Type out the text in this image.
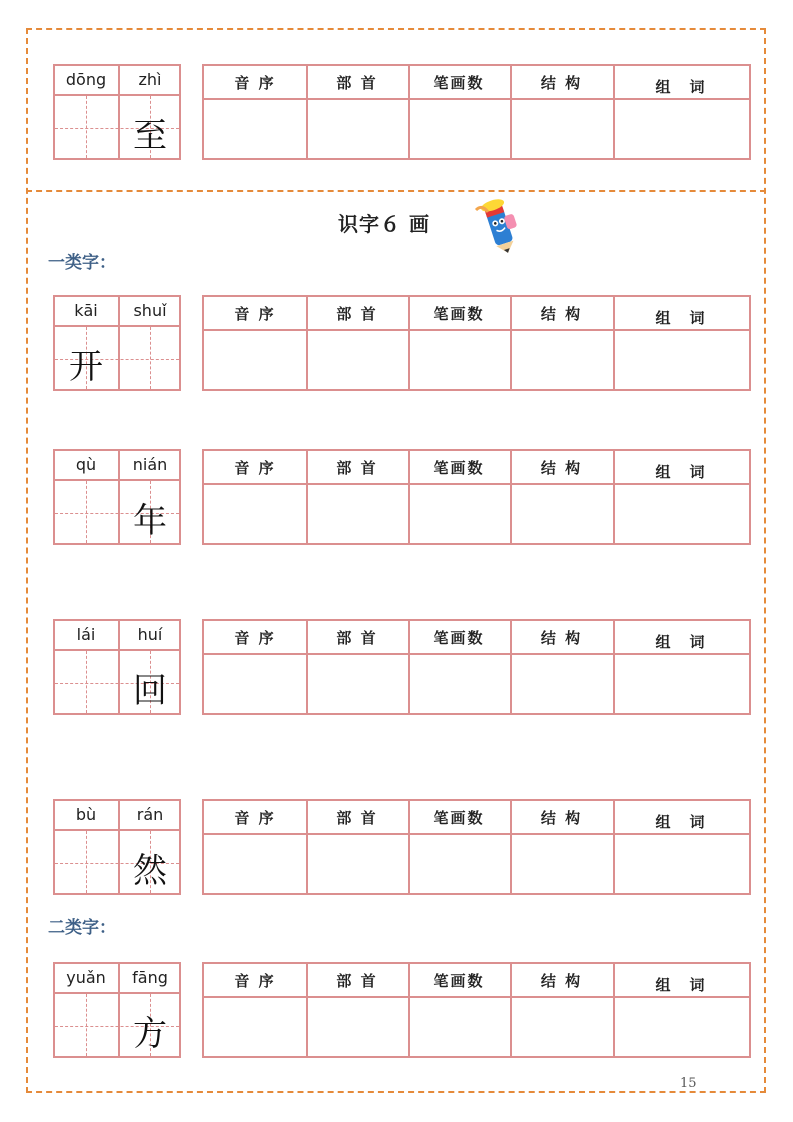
识字６ 画
一类字：
二类字：
dōng	zhì
至
音 序	部 首	笔画数	结 构	组　词
kāi	shuǐ
开
音 序	部 首	笔画数	结 构	组　词
qù	nián
年
音 序	部 首	笔画数	结 构	组　词
lái	huí
回
音 序	部 首	笔画数	结 构	组　词
bù	rán
然
音 序	部 首	笔画数	结 构	组　词
yuǎn	fāng
方
音 序	部 首	笔画数	结 构	组　词
15
